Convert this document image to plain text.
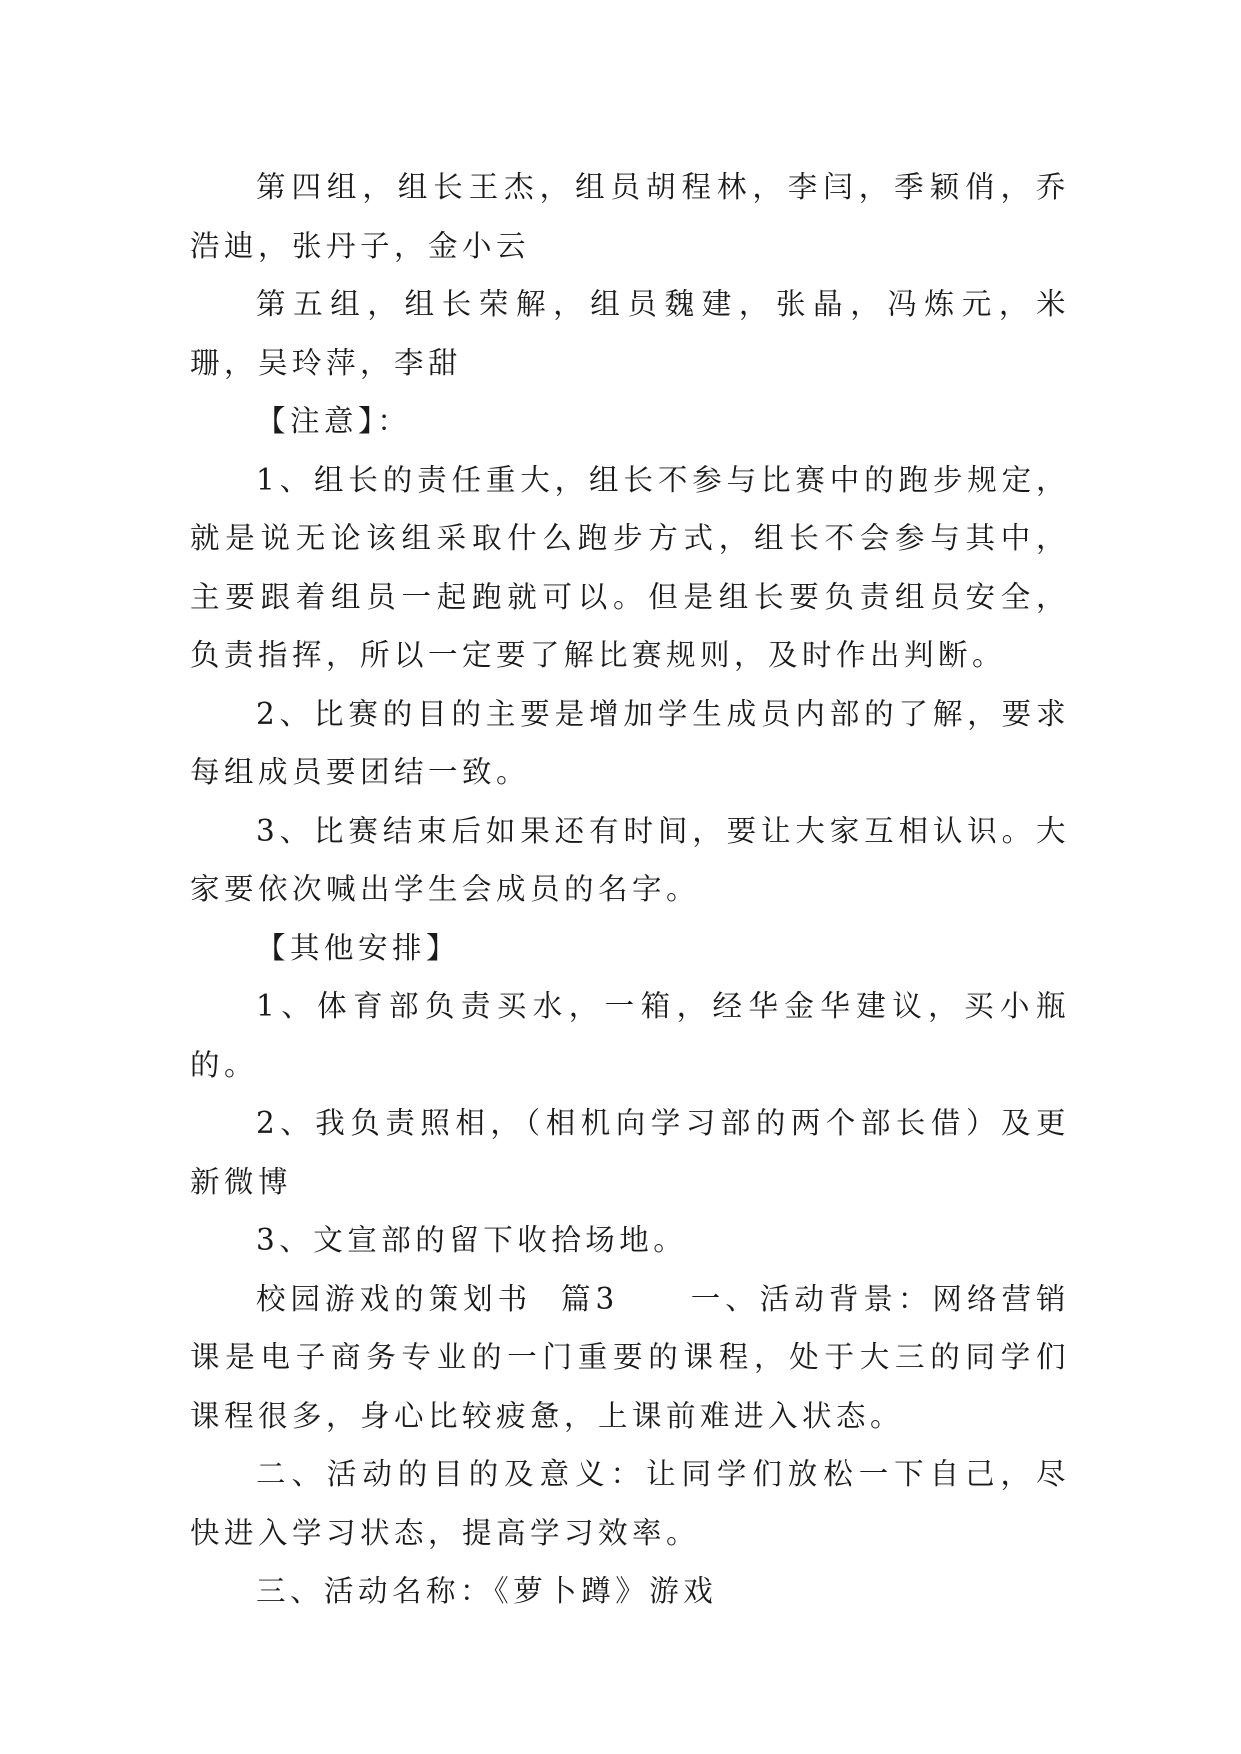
第四组，组长王杰，组员胡程林，李闫，季颖俏，乔浩迪，张丹子，金小云

第五组，组长荣解，组员魏建，张晶，冯炼元，米珊，吴玲萍，李甜

【注意】：

1、组长的责任重大，组长不参与比赛中的跑步规定，就是说无论该组采取什么跑步方式，组长不会参与其中，主要跟着组员一起跑就可以。但是组长要负责组员安全，负责指挥，所以一定要了解比赛规则，及时作出判断。

2、比赛的目的主要是增加学生成员内部的了解，要求每组成员要团结一致。

3、比赛结束后如果还有时间，要让大家互相认识。大家要依次喊出学生会成员的名字。

【其他安排】

1、体育部负责买水，一箱，经华金华建议，买小瓶的。

2、我负责照相，（相机向学习部的两个部长借）及更新微博

3、文宣部的留下收拾场地。

校园游戏的策划书  篇3     一、活动背景：网络营销课是电子商务专业的一门重要的课程，处于大三的同学们课程很多，身心比较疲惫，上课前难进入状态。

二、活动的目的及意义：让同学们放松一下自己，尽快进入学习状态，提高学习效率。

三、活动名称：《萝卜蹲》游戏
